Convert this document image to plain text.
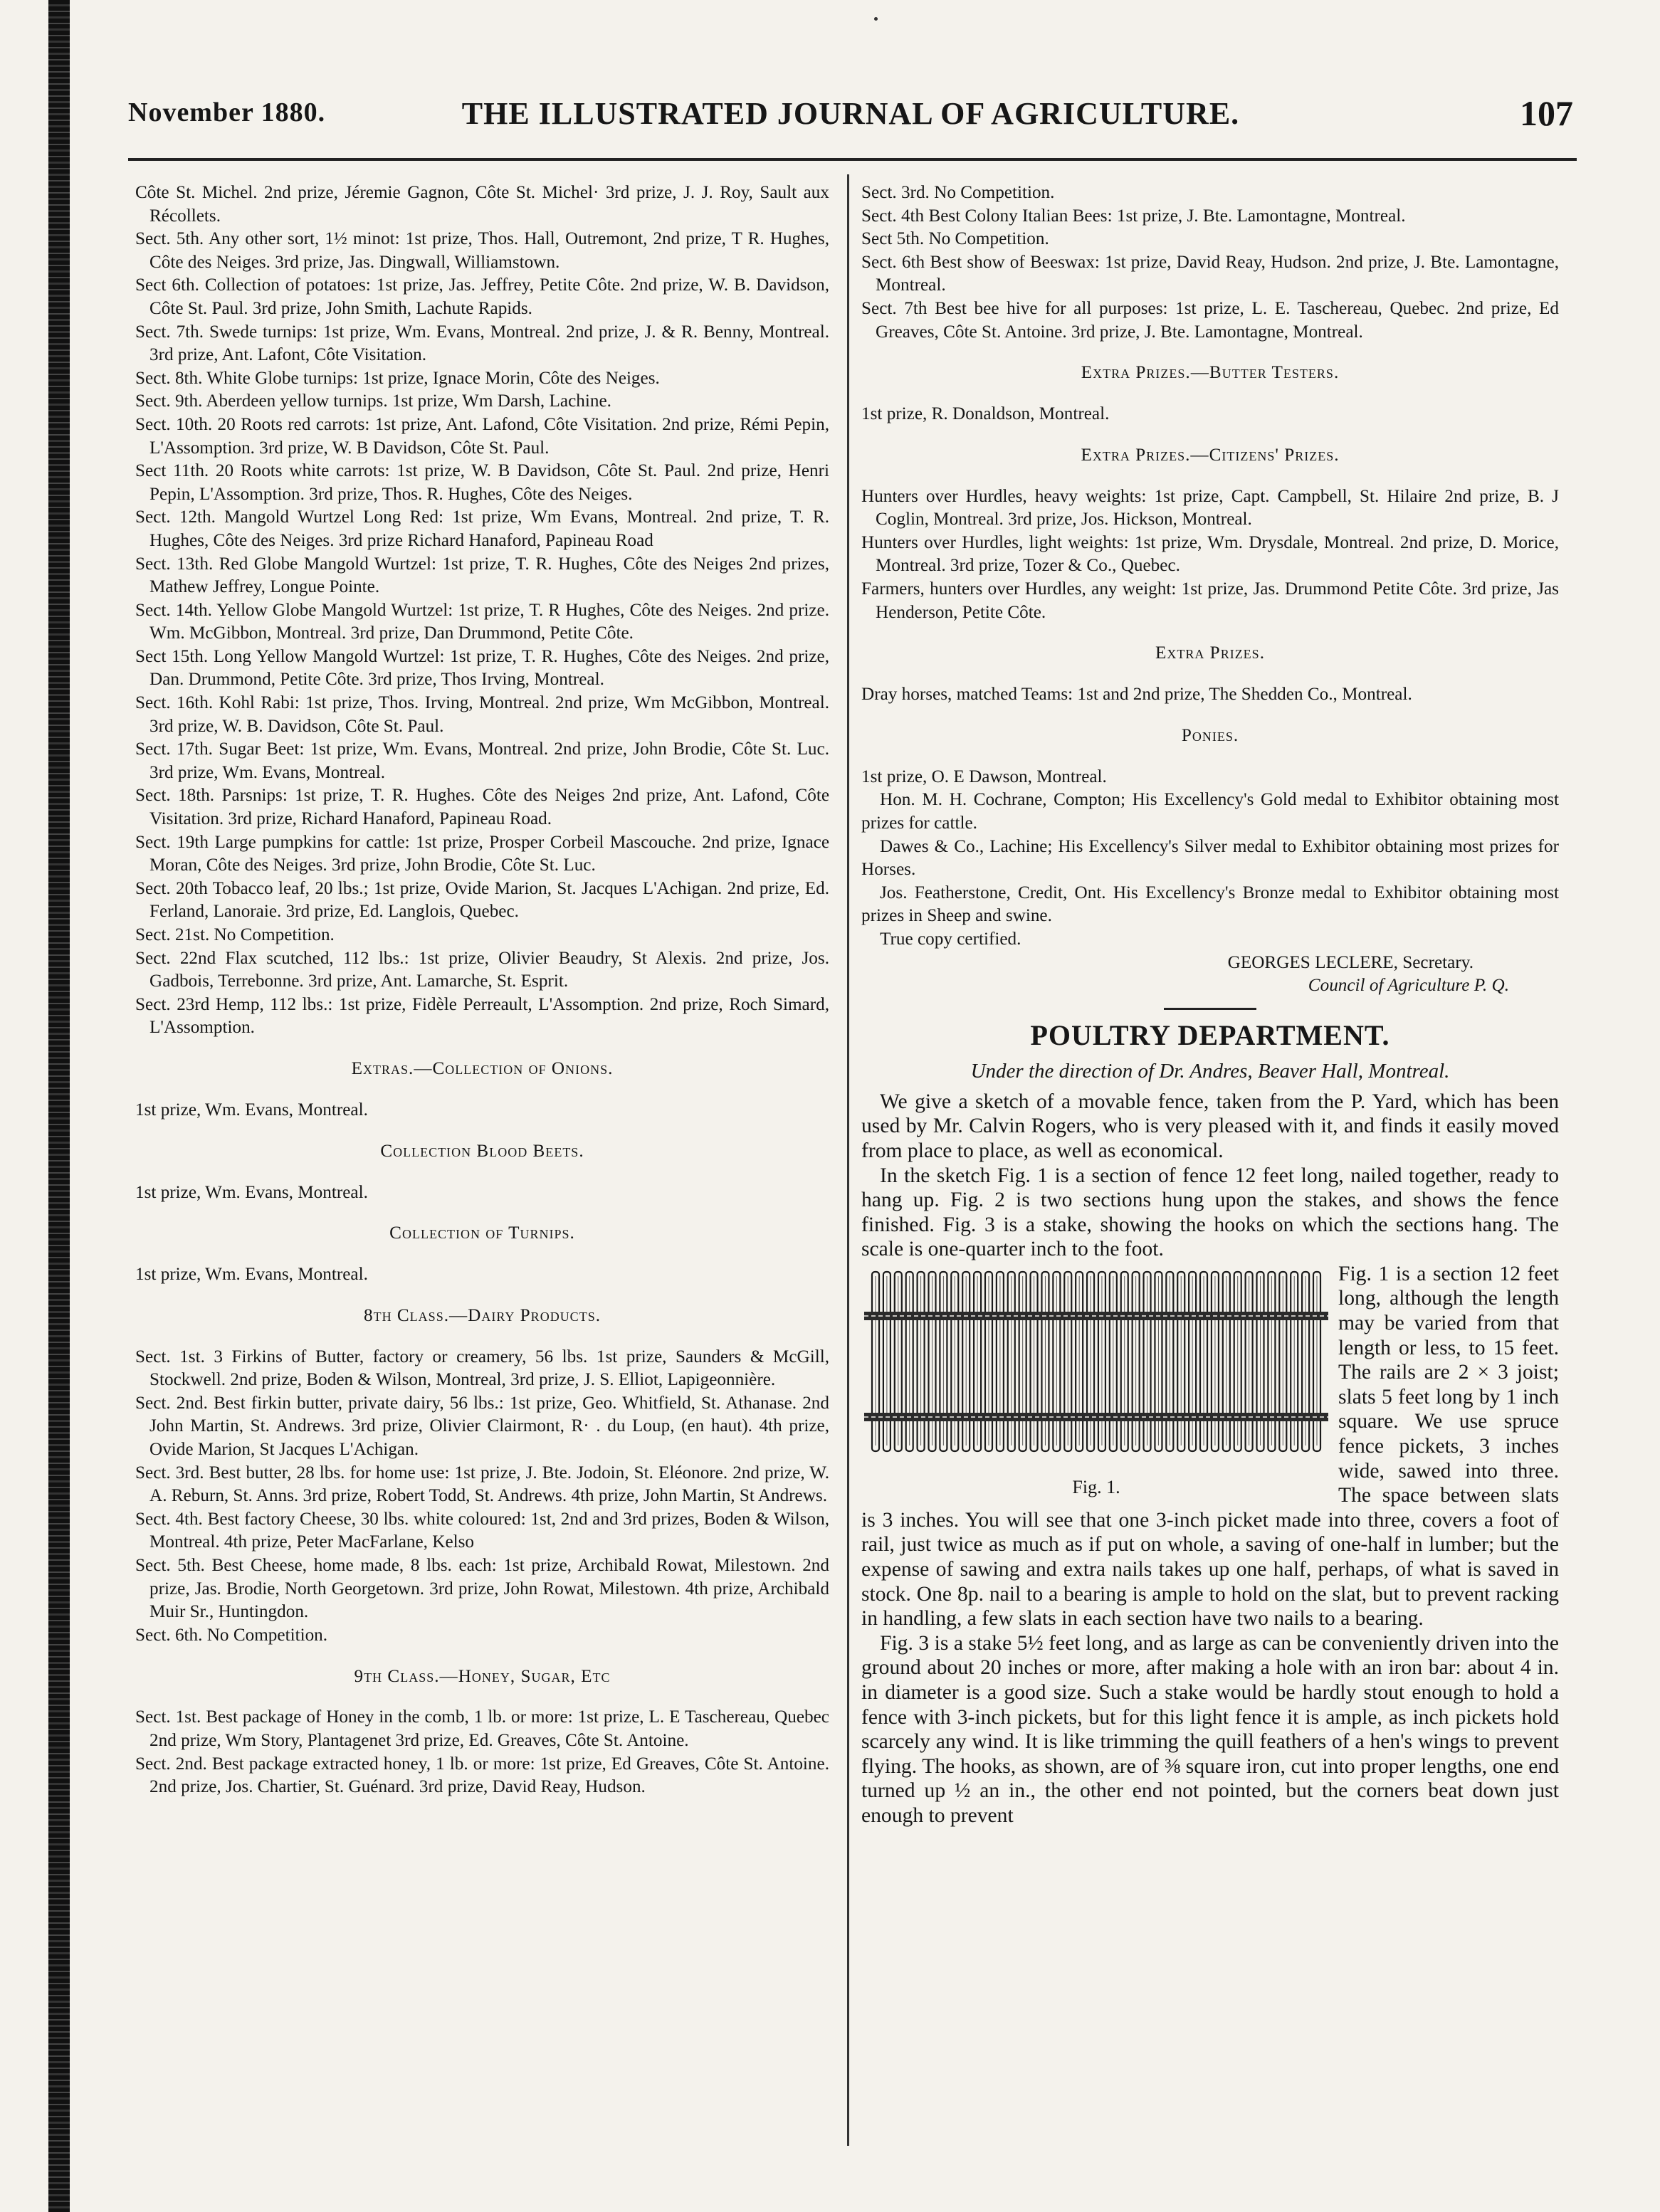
November 1880.	THE ILLUSTRATED JOURNAL OF AGRICULTURE.	107

Côte St. Michel. 2nd prize, Jéremie Gagnon, Côte St. Michel· 3rd prize, J. J. Roy, Sault aux Récollets.

Sect. 5th. Any other sort, 1½ minot: 1st prize, Thos. Hall, Outremont, 2nd prize, T R. Hughes, Côte des Neiges. 3rd prize, Jas. Dingwall, Williamstown.

Sect 6th. Collection of potatoes: 1st prize, Jas. Jeffrey, Petite Côte. 2nd prize, W. B. Davidson, Côte St. Paul. 3rd prize, John Smith, Lachute Rapids.

Sect. 7th. Swede turnips: 1st prize, Wm. Evans, Montreal. 2nd prize, J. & R. Benny, Montreal. 3rd prize, Ant. Lafont, Côte Visitation.

Sect. 8th. White Globe turnips: 1st prize, Ignace Morin, Côte des Neiges.

Sect. 9th. Aberdeen yellow turnips. 1st prize, Wm Darsh, Lachine.

Sect. 10th. 20 Roots red carrots: 1st prize, Ant. Lafond, Côte Visitation. 2nd prize, Rémi Pepin, L'Assomption. 3rd prize, W. B Davidson, Côte St. Paul.

Sect 11th. 20 Roots white carrots: 1st prize, W. B Davidson, Côte St. Paul. 2nd prize, Henri Pepin, L'Assomption. 3rd prize, Thos. R. Hughes, Côte des Neiges.

Sect. 12th. Mangold Wurtzel Long Red: 1st prize, Wm Evans, Montreal. 2nd prize, T. R. Hughes, Côte des Neiges. 3rd prize Richard Hanaford, Papineau Road

Sect. 13th. Red Globe Mangold Wurtzel: 1st prize, T. R. Hughes, Côte des Neiges 2nd prizes, Mathew Jeffrey, Longue Pointe.

Sect. 14th. Yellow Globe Mangold Wurtzel: 1st prize, T. R Hughes, Côte des Neiges. 2nd prize. Wm. McGibbon, Montreal. 3rd prize, Dan Drummond, Petite Côte.

Sect 15th. Long Yellow Mangold Wurtzel: 1st prize, T. R. Hughes, Côte des Neiges. 2nd prize, Dan. Drummond, Petite Côte. 3rd prize, Thos Irving, Montreal.

Sect. 16th. Kohl Rabi: 1st prize, Thos. Irving, Montreal. 2nd prize, Wm McGibbon, Montreal. 3rd prize, W. B. Davidson, Côte St. Paul.

Sect. 17th. Sugar Beet: 1st prize, Wm. Evans, Montreal. 2nd prize, John Brodie, Côte St. Luc. 3rd prize, Wm. Evans, Montreal.

Sect. 18th. Parsnips: 1st prize, T. R. Hughes. Côte des Neiges 2nd prize, Ant. Lafond, Côte Visitation. 3rd prize, Richard Hanaford, Papineau Road.

Sect. 19th Large pumpkins for cattle: 1st prize, Prosper Corbeil Mascouche. 2nd prize, Ignace Moran, Côte des Neiges. 3rd prize, John Brodie, Côte St. Luc.

Sect. 20th Tobacco leaf, 20 lbs.; 1st prize, Ovide Marion, St. Jacques L'Achigan. 2nd prize, Ed. Ferland, Lanoraie. 3rd prize, Ed. Langlois, Quebec.

Sect. 21st. No Competition.

Sect. 22nd Flax scutched, 112 lbs.: 1st prize, Olivier Beaudry, St Alexis. 2nd prize, Jos. Gadbois, Terrebonne. 3rd prize, Ant. Lamarche, St. Esprit.

Sect. 23rd Hemp, 112 lbs.: 1st prize, Fidèle Perreault, L'Assomption. 2nd prize, Roch Simard, L'Assomption.

Extras.—Collection of Onions.

1st prize, Wm. Evans, Montreal.

Collection Blood Beets.

1st prize, Wm. Evans, Montreal.

Collection of Turnips.

1st prize, Wm. Evans, Montreal.

8th Class.—Dairy Products.

Sect. 1st. 3 Firkins of Butter, factory or creamery, 56 lbs. 1st prize, Saunders & McGill, Stockwell. 2nd prize, Boden & Wilson, Montreal, 3rd prize, J. S. Elliot, Lapigeonnière.

Sect. 2nd. Best firkin butter, private dairy, 56 lbs.: 1st prize, Geo. Whitfield, St. Athanase. 2nd John Martin, St. Andrews. 3rd prize, Olivier Clairmont, R· . du Loup, (en haut). 4th prize, Ovide Marion, St Jacques L'Achigan.

Sect. 3rd. Best butter, 28 lbs. for home use: 1st prize, J. Bte. Jodoin, St. Eléonore. 2nd prize, W. A. Reburn, St. Anns. 3rd prize, Robert Todd, St. Andrews. 4th prize, John Martin, St Andrews.

Sect. 4th. Best factory Cheese, 30 lbs. white coloured: 1st, 2nd and 3rd prizes, Boden & Wilson, Montreal. 4th prize, Peter MacFarlane, Kelso

Sect. 5th. Best Cheese, home made, 8 lbs. each: 1st prize, Archibald Rowat, Milestown. 2nd prize, Jas. Brodie, North Georgetown. 3rd prize, John Rowat, Milestown. 4th prize, Archibald Muir Sr., Huntingdon.

Sect. 6th. No Competition.

9th Class.—Honey, Sugar, Etc

Sect. 1st. Best package of Honey in the comb, 1 lb. or more: 1st prize, L. E Taschereau, Quebec 2nd prize, Wm Story, Plantagenet 3rd prize, Ed. Greaves, Côte St. Antoine.

Sect. 2nd. Best package extracted honey, 1 lb. or more: 1st prize, Ed Greaves, Côte St. Antoine. 2nd prize, Jos. Chartier, St. Guénard. 3rd prize, David Reay, Hudson.

Sect. 3rd. No Competition.

Sect. 4th Best Colony Italian Bees: 1st prize, J. Bte. Lamontagne, Montreal.

Sect 5th. No Competition.

Sect. 6th Best show of Beeswax: 1st prize, David Reay, Hudson. 2nd prize, J. Bte. Lamontagne, Montreal.

Sect. 7th Best bee hive for all purposes: 1st prize, L. E. Taschereau, Quebec. 2nd prize, Ed Greaves, Côte St. Antoine. 3rd prize, J. Bte. Lamontagne, Montreal.

Extra Prizes.—Butter Testers.

1st prize, R. Donaldson, Montreal.

Extra Prizes.—Citizens' Prizes.

Hunters over Hurdles, heavy weights: 1st prize, Capt. Campbell, St. Hilaire 2nd prize, B. J Coglin, Montreal. 3rd prize, Jos. Hickson, Montreal.

Hunters over Hurdles, light weights: 1st prize, Wm. Drysdale, Montreal. 2nd prize, D. Morice, Montreal. 3rd prize, Tozer & Co., Quebec.

Farmers, hunters over Hurdles, any weight: 1st prize, Jas. Drummond Petite Côte. 3rd prize, Jas Henderson, Petite Côte.

Extra Prizes.

Dray horses, matched Teams: 1st and 2nd prize, The Shedden Co., Montreal.

Ponies.

1st prize, O. E Dawson, Montreal.

Hon. M. H. Cochrane, Compton; His Excellency's Gold medal to Exhibitor obtaining most prizes for cattle.

Dawes & Co., Lachine; His Excellency's Silver medal to Exhibitor obtaining most prizes for Horses.

Jos. Featherstone, Credit, Ont. His Excellency's Bronze medal to Exhibitor obtaining most prizes in Sheep and swine.

True copy certified.

GEORGES LECLERE, Secretary.

Council of Agriculture P. Q.

POULTRY DEPARTMENT.
Under the direction of Dr. Andres, Beaver Hall, Montreal.

We give a sketch of a movable fence, taken from the P. Yard, which has been used by Mr. Calvin Rogers, who is very pleased with it, and finds it easily moved from place to place, as well as economical.

In the sketch Fig. 1 is a section of fence 12 feet long, nailed together, ready to hang up. Fig. 2 is two sections hung upon the stakes, and shows the fence finished. Fig. 3 is a stake, showing the hooks on which the sections hang. The scale is one-quarter inch to the foot.

Fig. 1.

Fig. 1 is a section 12 feet long, although the length may be varied from that length or less, to 15 feet. The rails are 2 × 3 joist; slats 5 feet long by 1 inch square. We use spruce fence pickets, 3 inches wide, sawed into three. The space between slats is 3 inches. You will see that one 3-inch picket made into three, covers a foot of rail, just twice as much as if put on whole, a saving of one-half in lumber; but the expense of sawing and extra nails takes up one half, perhaps, of what is saved in stock. One 8p. nail to a bearing is ample to hold on the slat, but to prevent racking in handling, a few slats in each section have two nails to a bearing.

Fig. 3 is a stake 5½ feet long, and as large as can be conveniently driven into the ground about 20 inches or more, after making a hole with an iron bar: about 4 in. in diameter is a good size. Such a stake would be hardly stout enough to hold a fence with 3-inch pickets, but for this light fence it is ample, as inch pickets hold scarcely any wind. It is like trimming the quill feathers of a hen's wings to prevent flying. The hooks, as shown, are of ⅜ square iron, cut into proper lengths, one end turned up ½ an in., the other end not pointed, but the corners beat down just enough to prevent
